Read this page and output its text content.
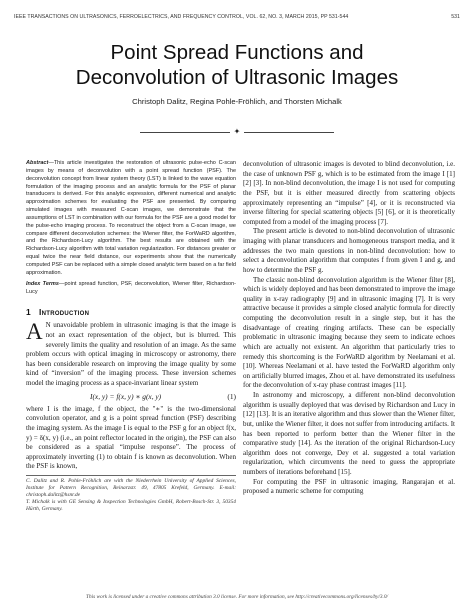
IEEE TRANSACTIONS ON ULTRASONICS, FERROELECTRICS, AND FREQUENCY CONTROL, VOL. 62, NO. 3, MARCH 2015, PP 531-544	531
Point Spread Functions and
Deconvolution of Ultrasonic Images
Christoph Dalitz, Regina Pohle-Fröhlich, and Thorsten Michalk
✦
Abstract—This article investigates the restoration of ultrasonic pulse-echo C-scan images by means of deconvolution with a point spread function (PSF). The deconvolution concept from linear system theory (LST) is linked to the wave equation formulation of the imaging process and an analytic formula for the PSF of planar transducers is derived. For this analytic expression, different numerical and analytic approximation schemes for evaluating the PSF are presented. By comparing simulated images with measured C-scan images, we demonstrate that the assumptions of LST in combination with our formula for the PSF are a good model for the pulse-echo imaging process. To reconstruct the object from a C-scan image, we compare different deconvolution schemes: the Wiener filter, the ForWaRD algorithm, and the Richardson-Lucy algorithm. The best results are obtained with the Richardson-Lucy algorithm with total variation regularization. For distances greater or equal twice the near field distance, our experiments show that the numerically computed PSF can be replaced with a simple closed analytic term based on a far field approximation.
Index Terms—point spread function, PSF, deconvolution, Wiener filter, Richardson-Lucy
1 Introduction
A N unavoidable problem in ultrasonic imaging is that the image is not an exact representation of the object, but is blurred. This severely limits the quality and resolution of an image. As the same problem occurs with optical imaging in microscopy or astronomy, there has been considerable research on improving the image quality by some kind of “inversion” of the imaging process. These inversion schemes model the imaging process as a space-invariant linear system
I(x, y) = f(x, y) ∗ g(x, y)	(1)

where I is the image, f the object, the "∗" is the two-dimensional convolution operator, and g is a point spread function (PSF) describing the imaging system. As the image I is equal to the PSF g for an object f(x, y) = δ(x, y) (i.e., an point reflector located in the origin), the PSF can also be considered as a spatial “impulse response”. The process of approximately inverting (1) to obtain f is known as deconvolution. When the PSF is known,

C. Dalitz and R. Pohle-Fröhlich are with the Niederrhein University of Applied Sciences, Institute for Pattern Recognition, Reinarzstr. 49, 47805 Krefeld, Germany. E-mail: christoph.dalitz@hsnr.de
T. Michalk is with GE Sensing & Inspection Technologies GmbH, Robert-Bosch-Str. 3, 50354 Hürth, Germany.

deconvolution of ultrasonic images is devoted to blind deconvolution, i.e. the case of unknown PSF g, which is to be estimated from the image I [1] [2] [3]. In non-blind deconvolution, the image I is not used for computing the PSF, but it is either measured directly from scattering objects approximately representing an “impulse” [4], or it is reconstructed via inverse filtering for special scattering objects [5] [6], or it is theoretically computed from a model of the imaging process [7].

The present article is devoted to non-blind deconvolution of ultrasonic imaging with planar transducers and homogeneous transport media, and it addresses the two main questions in non-blind deconvolution: how to select a deconvolution algorithm that computes f from given I and g, and how to determine the PSF g.

The classic non-blind deconvolution algorithm is the Wiener filter [8], which is widely deployed and has been demonstrated to improve the image quality in x-ray radiography [9] and in ultrasonic imaging [7]. It is very attractive because it provides a simple closed analytic formula for directly computing the deconvolution result in a single step, but it has the disadvantage of creating ringing artifacts. These can be especially problematic in ultrasonic imaging because they seem to indicate echoes which are actually not existent. An algorithm that particularly tries to remedy this shortcoming is the ForWaRD algorithm by Neelamani et al. [10]. Whereas Neelamani et al. have tested the ForWaRD algorithm only on artificially blurred images, Zhou et al. have demonstrated its usefulness for the deconvolution of x-ray phase contrast images [11].

In astronomy and microscopy, a different non-blind deconvolution algorithm is usually deployed that was devised by Richardson and Lucy in [12] [13]. It is an iterative algorithm and thus slower than the Wiener filter, but, unlike the Wiener filter, it does not suffer from introducing artifacts. It has been reported to perform better than the Wiener filter in the comparative study [14]. As the iteration of the original Richardson-Lucy algorithm does not converge, Dey et al. suggested a total variation regularization, which circumvents the need to guess the appropriate numbers of iterations beforehand [15].

For computing the PSF in ultrasonic imaging, Rangarajan et al. proposed a numeric scheme for computing

This work is licensed under a creative commons attribution 3.0 license. For more information, see http://creativecommons.org/licenses/by/3.0/
